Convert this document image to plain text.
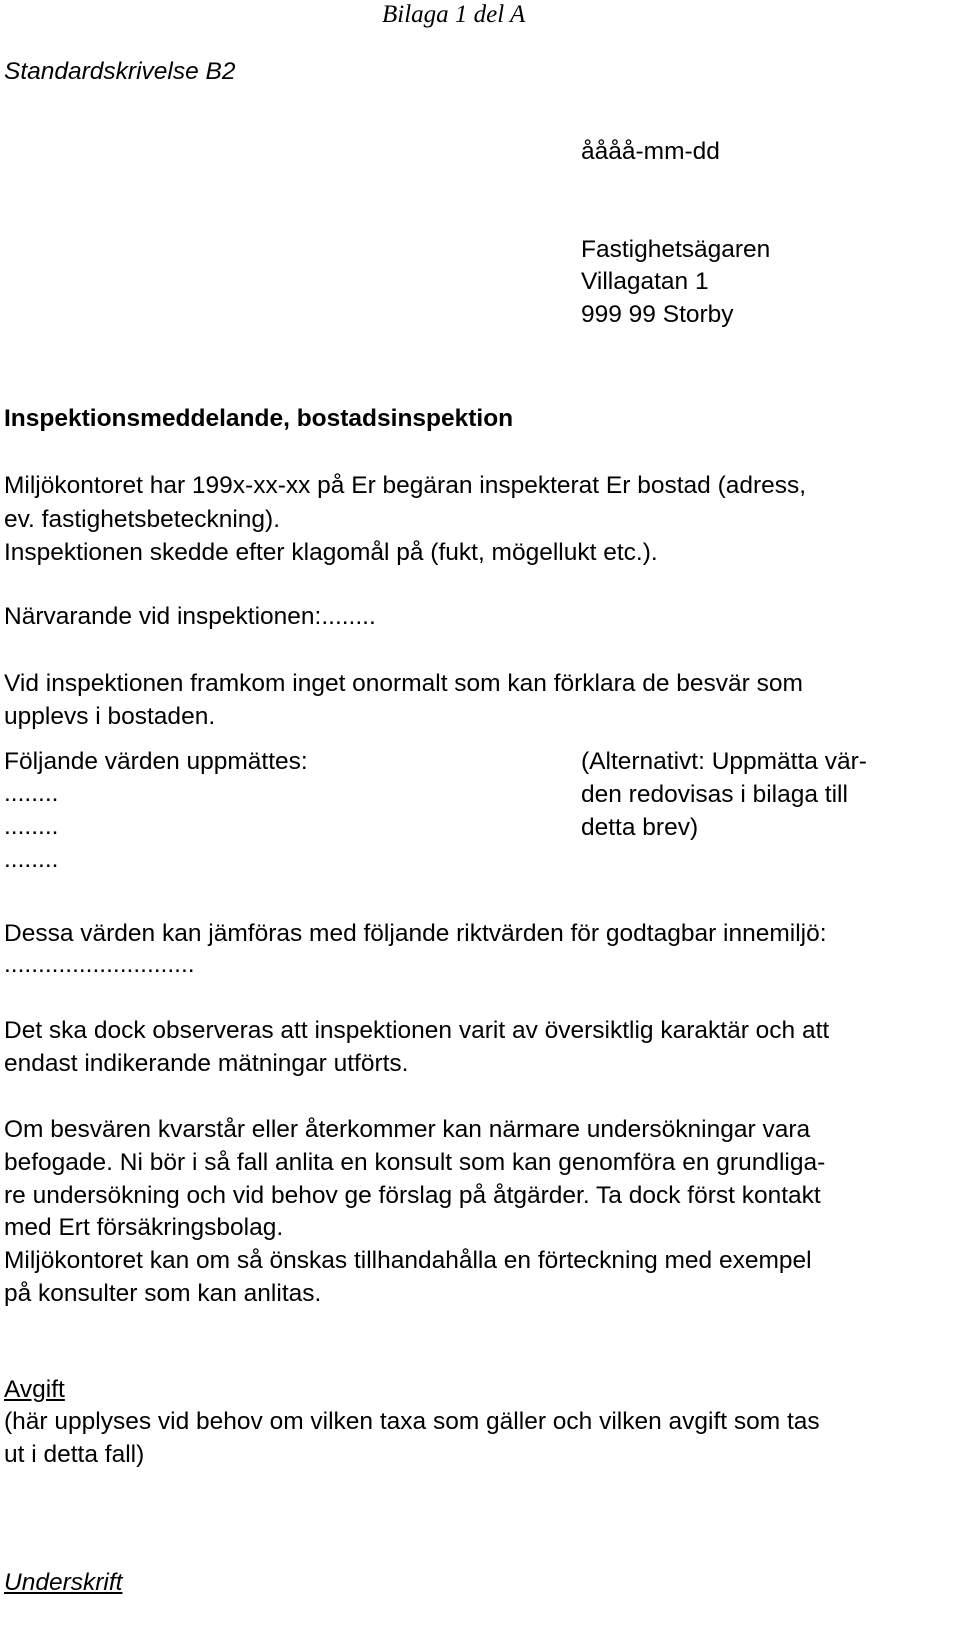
Bilaga 1 del A
Standardskrivelse B2
åååå-mm-dd
Fastighetsägaren
Villagatan 1
999 99 Storby
Inspektionsmeddelande, bostadsinspektion
Miljökontoret har 199x-xx-xx på Er begäran inspekterat Er bostad (adress,
ev. fastighetsbeteckning).
Inspektionen skedde efter klagomål på (fukt, mögellukt etc.).
Närvarande vid inspektionen:........
Vid inspektionen framkom inget onormalt som kan förklara de besvär som
upplevs i bostaden.
Följande värden uppmättes:
........
........
........
(Alternativt: Uppmätta vär-
den redovisas i bilaga till
detta brev)
Dessa värden kan jämföras med följande riktvärden för godtagbar innemiljö:
............................
Det ska dock observeras att inspektionen varit av översiktlig karaktär och att
endast indikerande mätningar utförts.
Om besvären kvarstår eller återkommer kan närmare undersökningar vara
befogade. Ni bör i så fall anlita en konsult som kan genomföra en grundliga-
re undersökning och vid behov ge förslag på åtgärder. Ta dock först kontakt
med Ert försäkringsbolag.
Miljökontoret kan om så önskas tillhandahålla en förteckning med exempel
på konsulter som kan anlitas.
Avgift
(här upplyses vid behov om vilken taxa som gäller och vilken avgift som tas
ut i detta fall)
Underskrift
